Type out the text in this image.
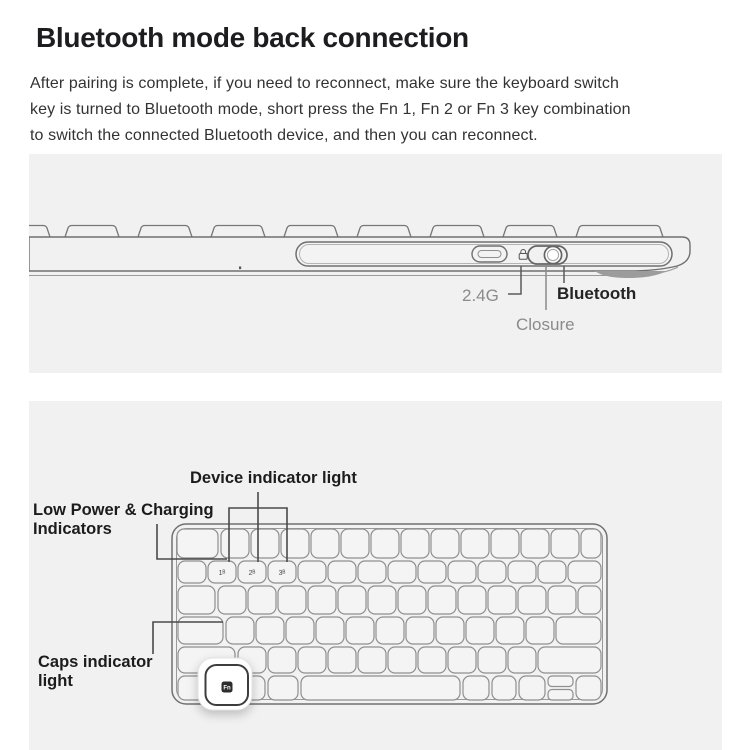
Bluetooth mode back connection
After pairing is complete, if you need to reconnect, make sure the keyboard switch
key is turned to Bluetooth mode, short press the Fn 1, Fn 2 or Fn 3 key combination
to switch the connected Bluetooth device, and then you can reconnect.
2.4G	Bluetooth
Closure
1ᴮ	2ᴮ	3ᴮ
Fn
Device indicator light
Low Power & Charging
Indicators
Caps indicator
light
